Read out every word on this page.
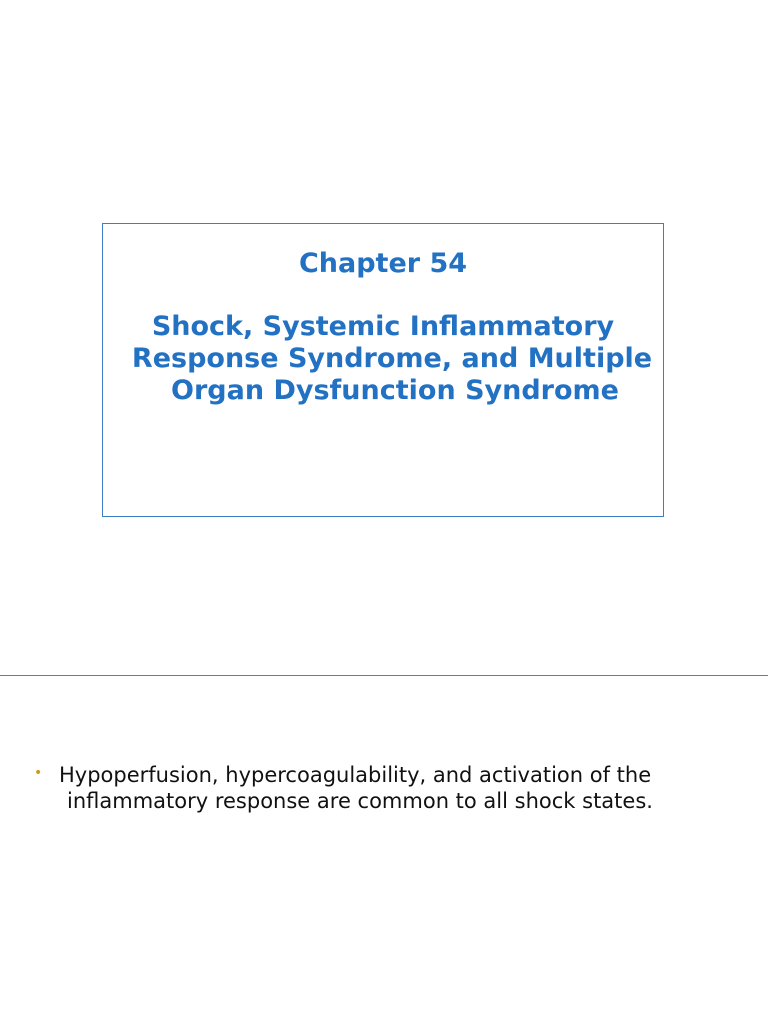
Chapter 54
Shock, Systemic Inflammatory
Response Syndrome, and Multiple
Organ Dysfunction Syndrome
• Hypoperfusion, hypercoagulability, and activation of the
inflammatory response are common to all shock states.
